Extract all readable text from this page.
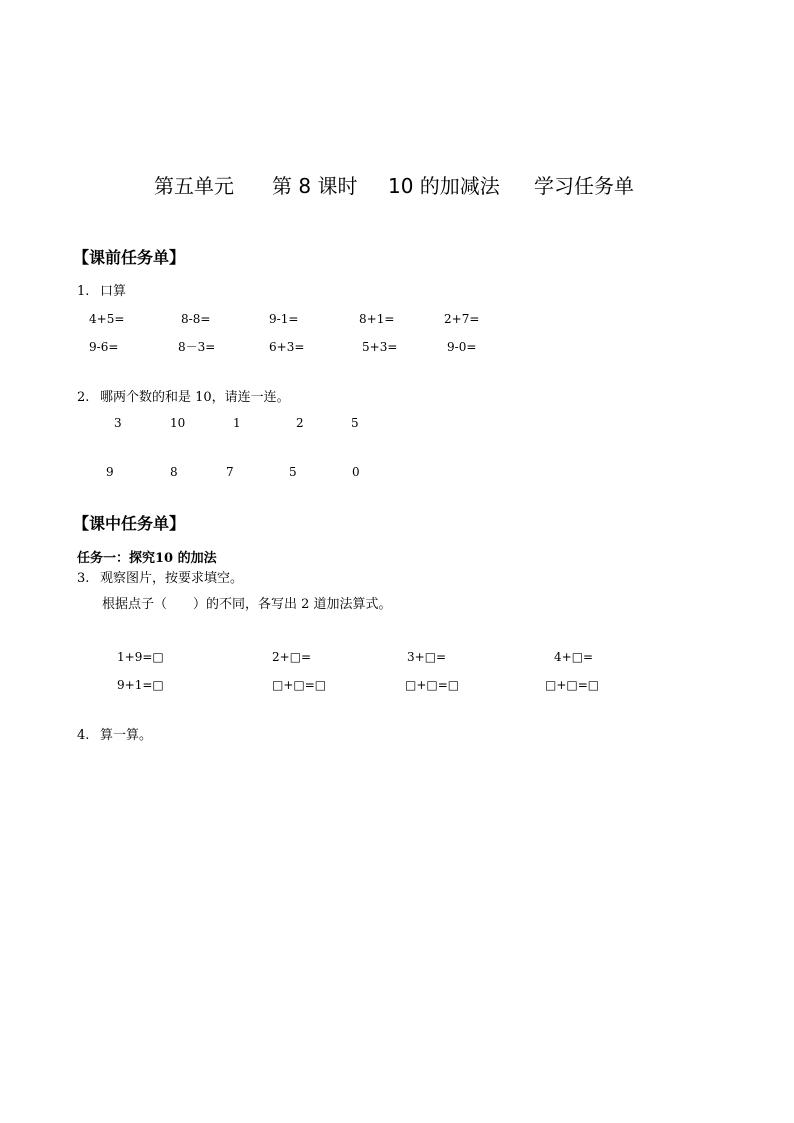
第五单元 第 8 课时 10 的加减法 学习任务单
【课前任务单】
1. 口算
4+5=	8-8=	9-1=	8+1=	2+7=
9-6=	8－3=	6+3=	5+3=	9-0=
2. 哪两个数的和是 10，请连一连。
3	10	1	2	5
9	8	7	5	0
【课中任务单】
任务一：探究10 的加法
3. 观察图片，按要求填空。
根据点子（　　）的不同，各写出 2 道加法算式。
1+9=□	2+□=	3+□=	4+□=
9+1=□	□+□=□	□+□=□	□+□=□
4. 算一算。
